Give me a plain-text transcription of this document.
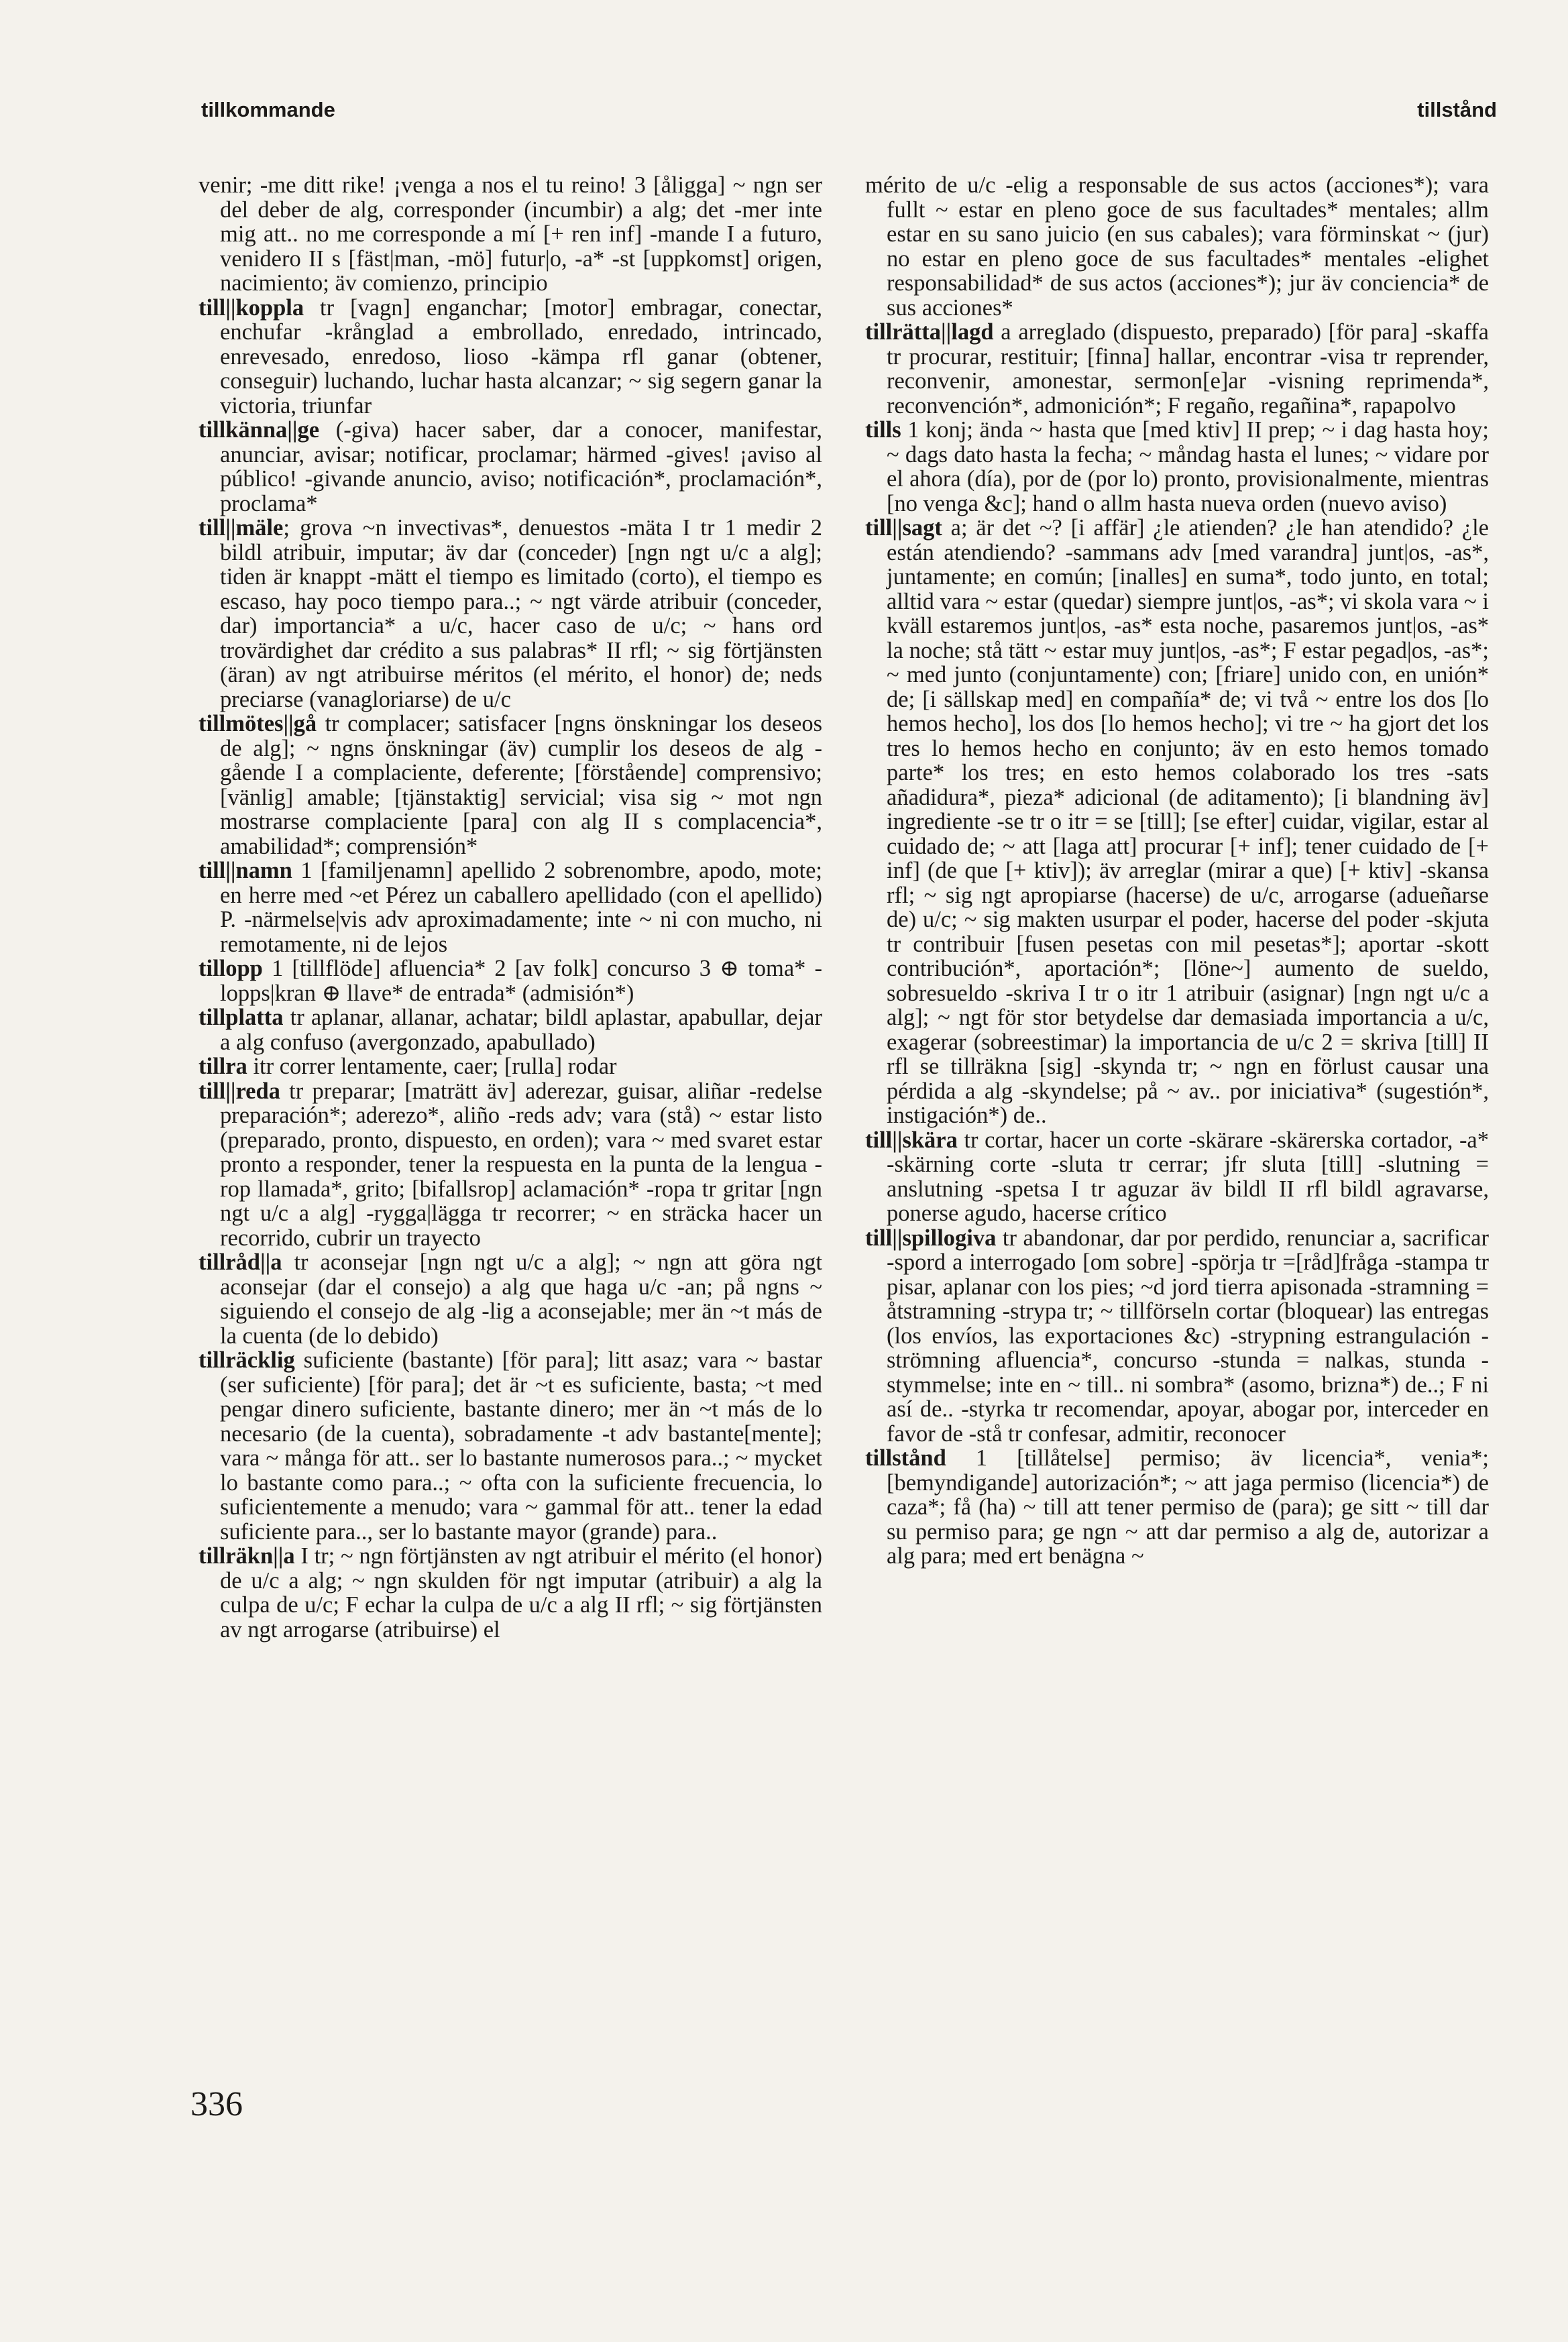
tillkommande	tillstånd

venir; -me ditt rike! ¡venga a nos el tu reino! 3 [åligga] ~ ngn ser del deber de alg, corresponder (incumbir) a alg; det -mer inte mig att.. no me corresponde a mí [+ ren inf] -mande I a futuro, venidero II s [fäst|man, -mö] futur|o, -a* -st [uppkomst] origen, nacimiento; äv comienzo, principio

till||koppla tr [vagn] enganchar; [motor] embragar, conectar, enchufar -krånglad a embrollado, enredado, intrincado, enrevesado, enredoso, lioso -kämpa rfl ganar (obtener, conseguir) luchando, luchar hasta alcanzar; ~ sig segern ganar la victoria, triunfar

tillkänna||ge (-giva) hacer saber, dar a conocer, manifestar, anunciar, avisar; notificar, proclamar; härmed -gives! ¡aviso al público! -givande anuncio, aviso; notificación*, proclamación*, proclama*

till||mäle; grova ~n invectivas*, denuestos -mäta I tr 1 medir 2 bildl atribuir, imputar; äv dar (conceder) [ngn ngt u/c a alg]; tiden är knappt -mätt el tiempo es limitado (corto), el tiempo es escaso, hay poco tiempo para..; ~ ngt värde atribuir (conceder, dar) importancia* a u/c, hacer caso de u/c; ~ hans ord trovärdighet dar crédito a sus palabras* II rfl; ~ sig förtjänsten (äran) av ngt atribuirse méritos (el mérito, el honor) de; neds preciarse (vanagloriarse) de u/c

tillmötes||gå tr complacer; satisfacer [ngns önskningar los deseos de alg]; ~ ngns önskningar (äv) cumplir los deseos de alg -gående I a complaciente, deferente; [förstående] comprensivo; [vänlig] amable; [tjänstaktig] servicial; visa sig ~ mot ngn mostrarse complaciente [para] con alg II s complacencia*, amabilidad*; comprensión*

till||namn 1 [familjenamn] apellido 2 sobrenombre, apodo, mote; en herre med ~et Pérez un caballero apellidado (con el apellido) P. -närmelse|vis adv aproximadamente; inte ~ ni con mucho, ni remotamente, ni de lejos

tillopp 1 [tillflöde] afluencia* 2 [av folk] concurso 3 ⊕ toma* -lopps|kran ⊕ llave* de entrada* (admisión*)

tillplatta tr aplanar, allanar, achatar; bildl aplastar, apabullar, dejar a alg confuso (avergonzado, apabullado)

tillra itr correr lentamente, caer; [rulla] rodar

till||reda tr preparar; [maträtt äv] aderezar, guisar, aliñar -redelse preparación*; aderezo*, aliño -reds adv; vara (stå) ~ estar listo (preparado, pronto, dispuesto, en orden); vara ~ med svaret estar pronto a responder, tener la respuesta en la punta de la lengua -rop llamada*, grito; [bifallsrop] aclamación* -ropa tr gritar [ngn ngt u/c a alg] -rygga|lägga tr recorrer; ~ en sträcka hacer un recorrido, cubrir un trayecto

tillråd||a tr aconsejar [ngn ngt u/c a alg]; ~ ngn att göra ngt aconsejar (dar el consejo) a alg que haga u/c -an; på ngns ~ siguiendo el consejo de alg -lig a aconsejable; mer än ~t más de la cuenta (de lo debido)

tillräcklig suficiente (bastante) [för para]; litt asaz; vara ~ bastar (ser suficiente) [för para]; det är ~t es suficiente, basta; ~t med pengar dinero suficiente, bastante dinero; mer än ~t más de lo necesario (de la cuenta), sobradamente -t adv bastante[mente]; vara ~ många för att.. ser lo bastante numerosos para..; ~ mycket lo bastante como para..; ~ ofta con la suficiente frecuencia, lo suficientemente a menudo; vara ~ gammal för att.. tener la edad suficiente para.., ser lo bastante mayor (grande) para..

tillräkn||a I tr; ~ ngn förtjänsten av ngt atribuir el mérito (el honor) de u/c a alg; ~ ngn skulden för ngt imputar (atribuir) a alg la culpa de u/c; F echar la culpa de u/c a alg II rfl; ~ sig förtjänsten av ngt arrogarse (atribuirse) el

mérito de u/c -elig a responsable de sus actos (acciones*); vara fullt ~ estar en pleno goce de sus facultades* mentales; allm estar en su sano juicio (en sus cabales); vara förminskat ~ (jur) no estar en pleno goce de sus facultades* mentales -elighet responsabilidad* de sus actos (acciones*); jur äv conciencia* de sus acciones*

tillrätta||lagd a arreglado (dispuesto, preparado) [för para] -skaffa tr procurar, restituir; [finna] hallar, encontrar -visa tr reprender, reconvenir, amonestar, sermon[e]ar -visning reprimenda*, reconvención*, admonición*; F regaño, regañina*, rapapolvo

tills 1 konj; ända ~ hasta que [med ktiv] II prep; ~ i dag hasta hoy; ~ dags dato hasta la fecha; ~ måndag hasta el lunes; ~ vidare por el ahora (día), por de (por lo) pronto, provisionalmente, mientras [no venga &c]; hand o allm hasta nueva orden (nuevo aviso)

till||sagt a; är det ~? [i affär] ¿le atienden? ¿le han atendido? ¿le están atendiendo? -sammans adv [med varandra] junt|os, -as*, juntamente; en común; [inalles] en suma*, todo junto, en total; alltid vara ~ estar (quedar) siempre junt|os, -as*; vi skola vara ~ i kväll estaremos junt|os, -as* esta noche, pasaremos junt|os, -as* la noche; stå tätt ~ estar muy junt|os, -as*; F estar pegad|os, -as*; ~ med junto (conjuntamente) con; [friare] unido con, en unión* de; [i sällskap med] en compañía* de; vi två ~ entre los dos [lo hemos hecho], los dos [lo hemos hecho]; vi tre ~ ha gjort det los tres lo hemos hecho en conjunto; äv en esto hemos tomado parte* los tres; en esto hemos colaborado los tres -sats añadidura*, pieza* adicional (de aditamento); [i blandning äv] ingrediente -se tr o itr = se [till]; [se efter] cuidar, vigilar, estar al cuidado de; ~ att [laga att] procurar [+ inf]; tener cuidado de [+ inf] (de que [+ ktiv]); äv arreglar (mirar a que) [+ ktiv] -skansa rfl; ~ sig ngt apropiarse (hacerse) de u/c, arrogarse (adueñarse de) u/c; ~ sig makten usurpar el poder, hacerse del poder -skjuta tr contribuir [fusen pesetas con mil pesetas*]; aportar -skott contribución*, aportación*; [löne~] aumento de sueldo, sobresueldo -skriva I tr o itr 1 atribuir (asignar) [ngn ngt u/c a alg]; ~ ngt för stor betydelse dar demasiada importancia a u/c, exagerar (sobreestimar) la importancia de u/c 2 = skriva [till] II rfl se tillräkna [sig] -skynda tr; ~ ngn en förlust causar una pérdida a alg -skyndelse; på ~ av.. por iniciativa* (sugestión*, instigación*) de..

till||skära tr cortar, hacer un corte -skärare -skärerska cortador, -a* -skärning corte -sluta tr cerrar; jfr sluta [till] -slutning = anslutning -spetsa I tr aguzar äv bildl II rfl bildl agravarse, ponerse agudo, hacerse crítico

till||spillogiva tr abandonar, dar por perdido, renunciar a, sacrificar -spord a interrogado [om sobre] -spörja tr =[råd]fråga -stampa tr pisar, aplanar con los pies; ~d jord tierra apisonada -stramning = åtstramning -strypa tr; ~ tillförseln cortar (bloquear) las entregas (los envíos, las exportaciones &c) -strypning estrangulación -strömning afluencia*, concurso -stunda = nalkas, stunda -stymmelse; inte en ~ till.. ni sombra* (asomo, brizna*) de..; F ni así de.. -styrka tr recomendar, apoyar, abogar por, interceder en favor de -stå tr confesar, admitir, reconocer

tillstånd 1 [tillåtelse] permiso; äv licencia*, venia*; [bemyndigande] autorización*; ~ att jaga permiso (licencia*) de caza*; få (ha) ~ till att tener permiso de (para); ge sitt ~ till dar su permiso para; ge ngn ~ att dar permiso a alg de, autorizar a alg para; med ert benägna ~

336
